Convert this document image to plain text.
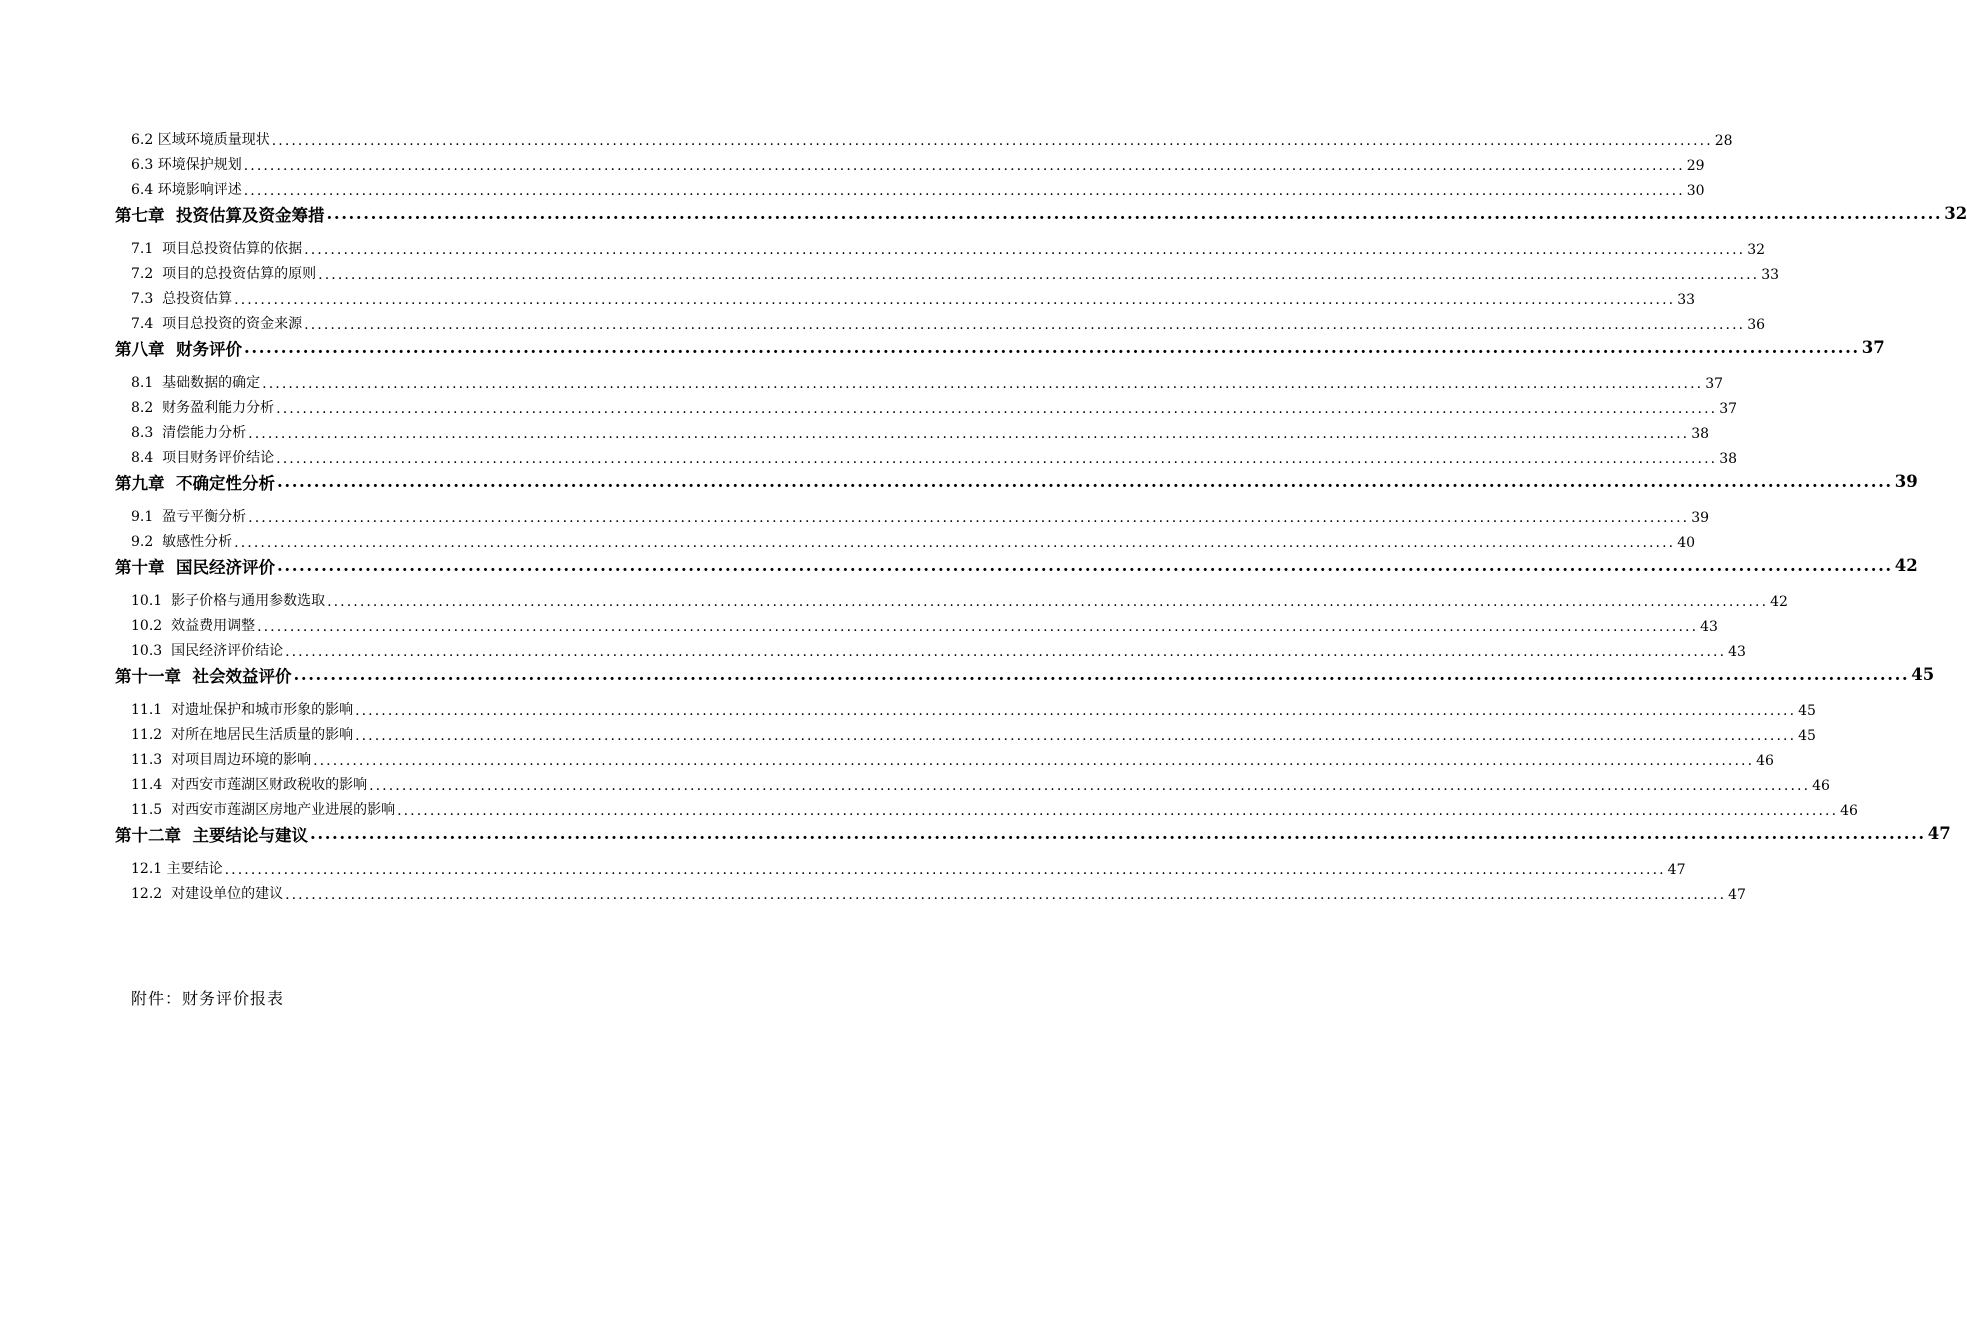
6.2 区域环境质量现状 ............................................................................................................................................................................................................................ 28
6.3 环境保护规划 ............................................................................................................................................................................................................................ 29
6.4 环境影响评述 ............................................................................................................................................................................................................................ 30
第七章  投资估算及资金筹措 ............................................................................................................................................................................................................................ 32
7.1  项目总投资估算的依据 ............................................................................................................................................................................................................................ 32
7.2  项目的总投资估算的原则 ............................................................................................................................................................................................................................ 33
7.3  总投资估算 ............................................................................................................................................................................................................................ 33
7.4  项目总投资的资金来源 ............................................................................................................................................................................................................................ 36
第八章  财务评价 ............................................................................................................................................................................................................................ 37
8.1  基础数据的确定 ............................................................................................................................................................................................................................ 37
8.2  财务盈利能力分析 ............................................................................................................................................................................................................................ 37
8.3  清偿能力分析 ............................................................................................................................................................................................................................ 38
8.4  项目财务评价结论 ............................................................................................................................................................................................................................ 38
第九章  不确定性分析 ............................................................................................................................................................................................................................ 39
9.1  盈亏平衡分析 ............................................................................................................................................................................................................................ 39
9.2  敏感性分析 ............................................................................................................................................................................................................................ 40
第十章  国民经济评价 ............................................................................................................................................................................................................................ 42
10.1  影子价格与通用参数选取 ............................................................................................................................................................................................................................ 42
10.2  效益费用调整 ............................................................................................................................................................................................................................ 43
10.3  国民经济评价结论 ............................................................................................................................................................................................................................ 43
第十一章  社会效益评价 ............................................................................................................................................................................................................................ 45
11.1  对遗址保护和城市形象的影响 ............................................................................................................................................................................................................................ 45
11.2  对所在地居民生活质量的影响 ............................................................................................................................................................................................................................ 45
11.3  对项目周边环境的影响 ............................................................................................................................................................................................................................ 46
11.4  对西安市莲湖区财政税收的影响 ............................................................................................................................................................................................................................ 46
11.5  对西安市莲湖区房地产业进展的影响 ............................................................................................................................................................................................................................ 46
第十二章  主要结论与建议 ............................................................................................................................................................................................................................ 47
12.1 主要结论 ............................................................................................................................................................................................................................ 47
12.2  对建设单位的建议 ............................................................................................................................................................................................................................ 47
附件：财务评价报表
